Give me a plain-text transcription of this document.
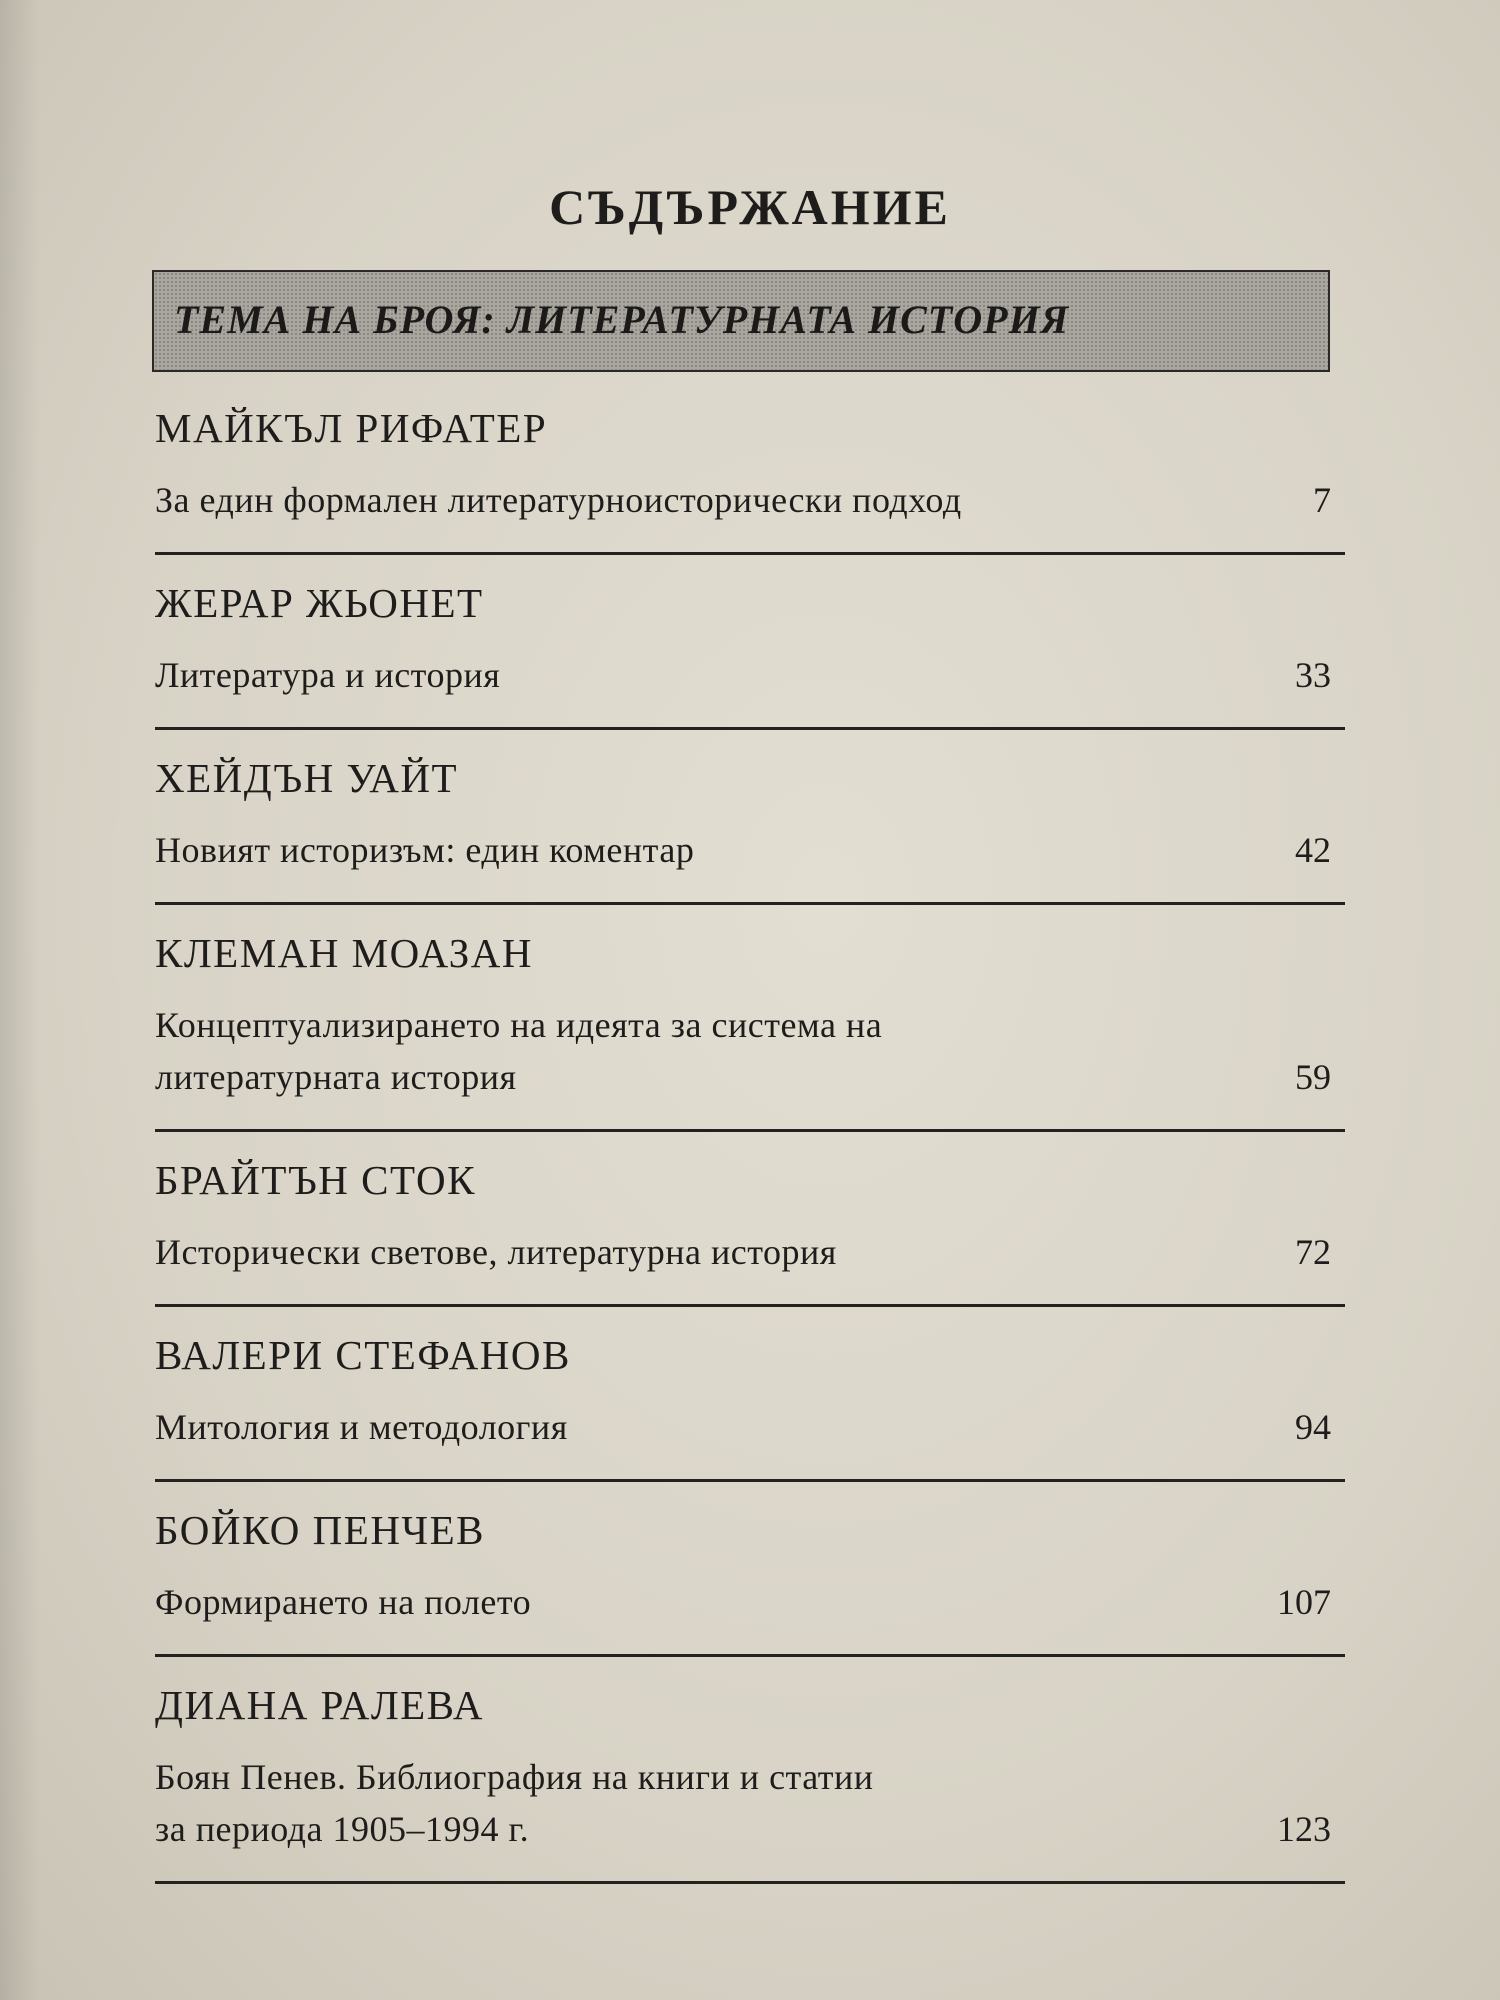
СЪДЪРЖАНИЕ
ТЕМА НА БРОЯ: ЛИТЕРАТУРНАТА ИСТОРИЯ
МАЙКЪЛ РИФАТЕР
За един формален литературноисторически подход	7
ЖЕРАР ЖЬОНЕТ
Литература и история	33
ХЕЙДЪН УАЙТ
Новият историзъм: един коментар	42
КЛЕМАН МОАЗАН
Концептуализирането на идеята за система на
литературната история	59
БРАЙТЪН СТОК
Исторически светове, литературна история	72
ВАЛЕРИ СТЕФАНОВ
Митология и методология	94
БОЙКО ПЕНЧЕВ
Формирането на полето	107
ДИАНА РАЛЕВА
Боян Пенев. Библиография на книги и статии
за периода 1905–1994 г.	123
